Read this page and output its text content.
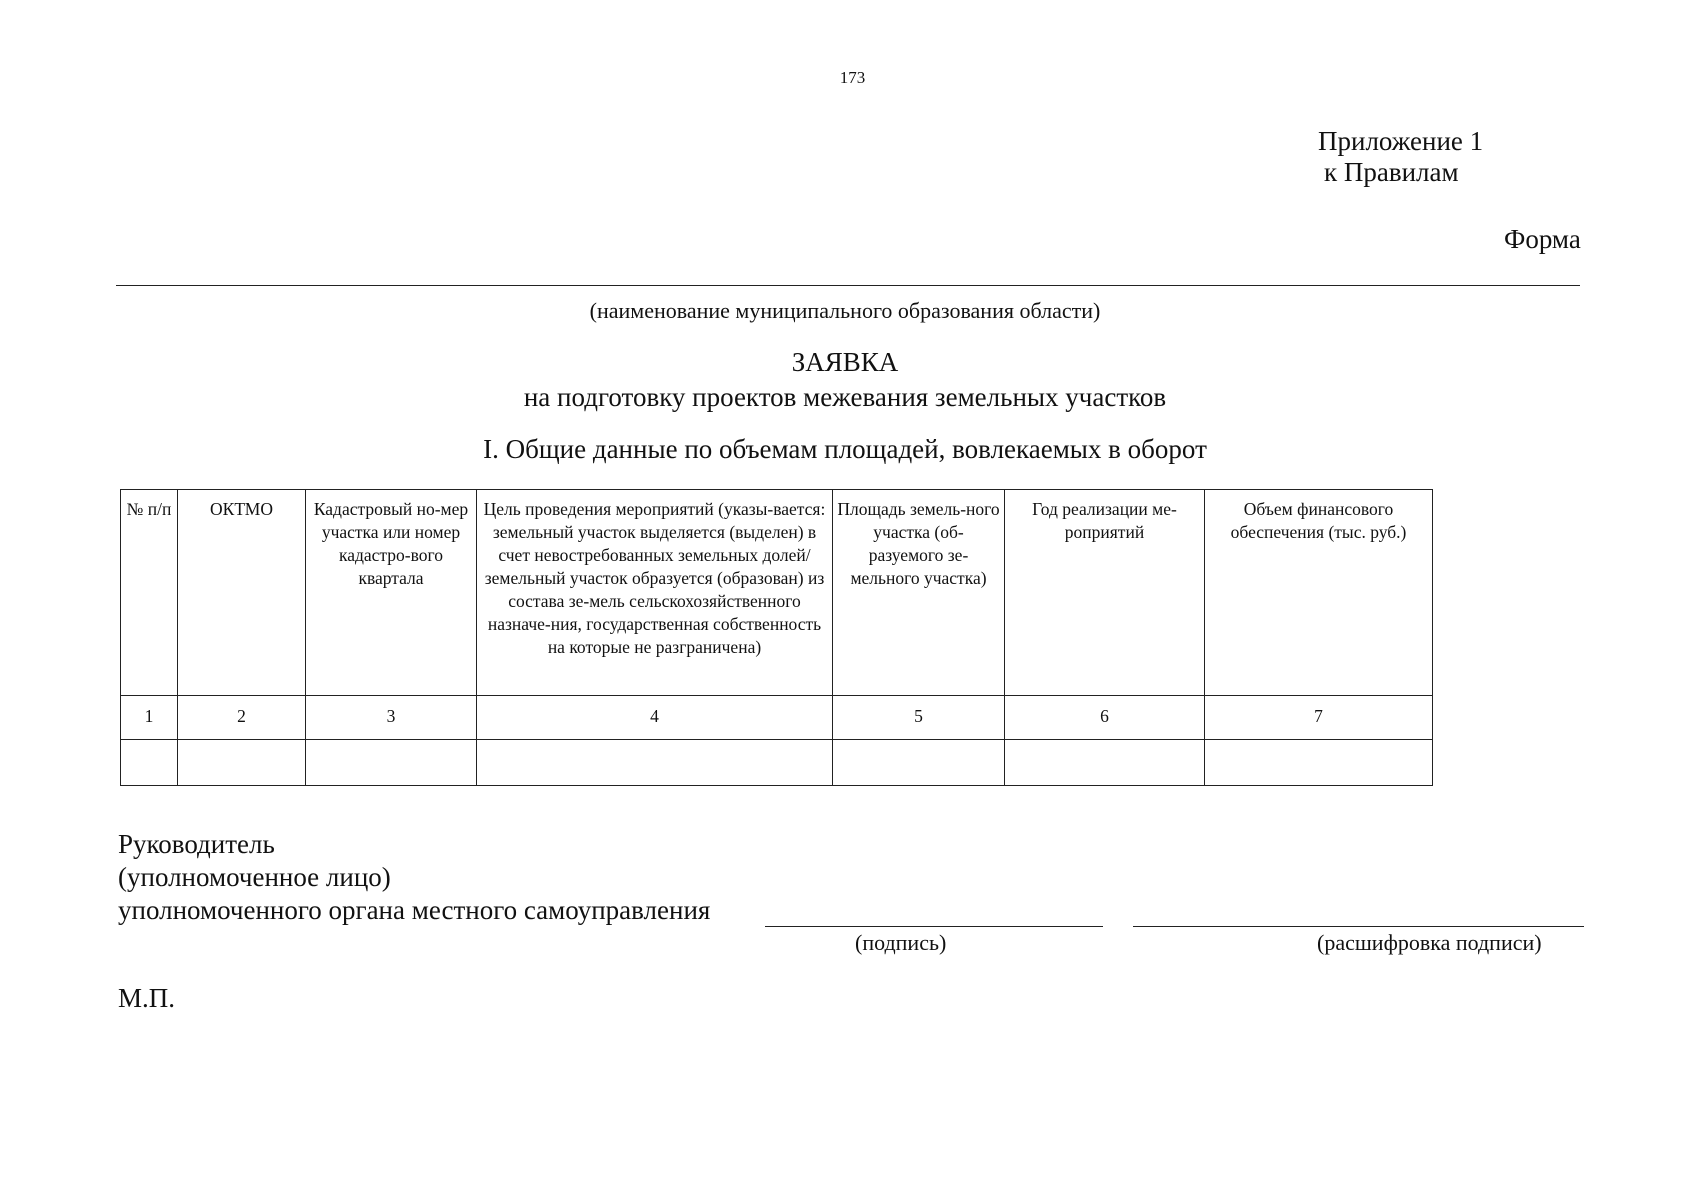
173
Приложение 1
к Правилам
Форма
(наименование муниципального образования области)
ЗАЯВКА
на подготовку проектов межевания земельных участков
I. Общие данные по объемам площадей, вовлекаемых в оборот
№ п/п	ОКТМО	Кадастровый но-мер участка или номер кадастро-вого квартала	Цель проведения мероприятий (указы-вается: земельный участок выделяется (выделен) в счет невостребованных земельных долей/земельный участок образуется (образован) из состава зе-мель сельскохозяйственного назначе-ния, государственная собственность на которые не разграничена)	Площадь земель-ного участка (об-разуемого зе-мельного участка)	Год реализации ме-роприятий	Объем финансового обеспечения (тыс. руб.)
1	2	3	4	5	6	7

Руководитель
(уполномоченное лицо)
уполномоченного органа местного самоуправления
(подпись)	(расшифровка подписи)
М.П.
